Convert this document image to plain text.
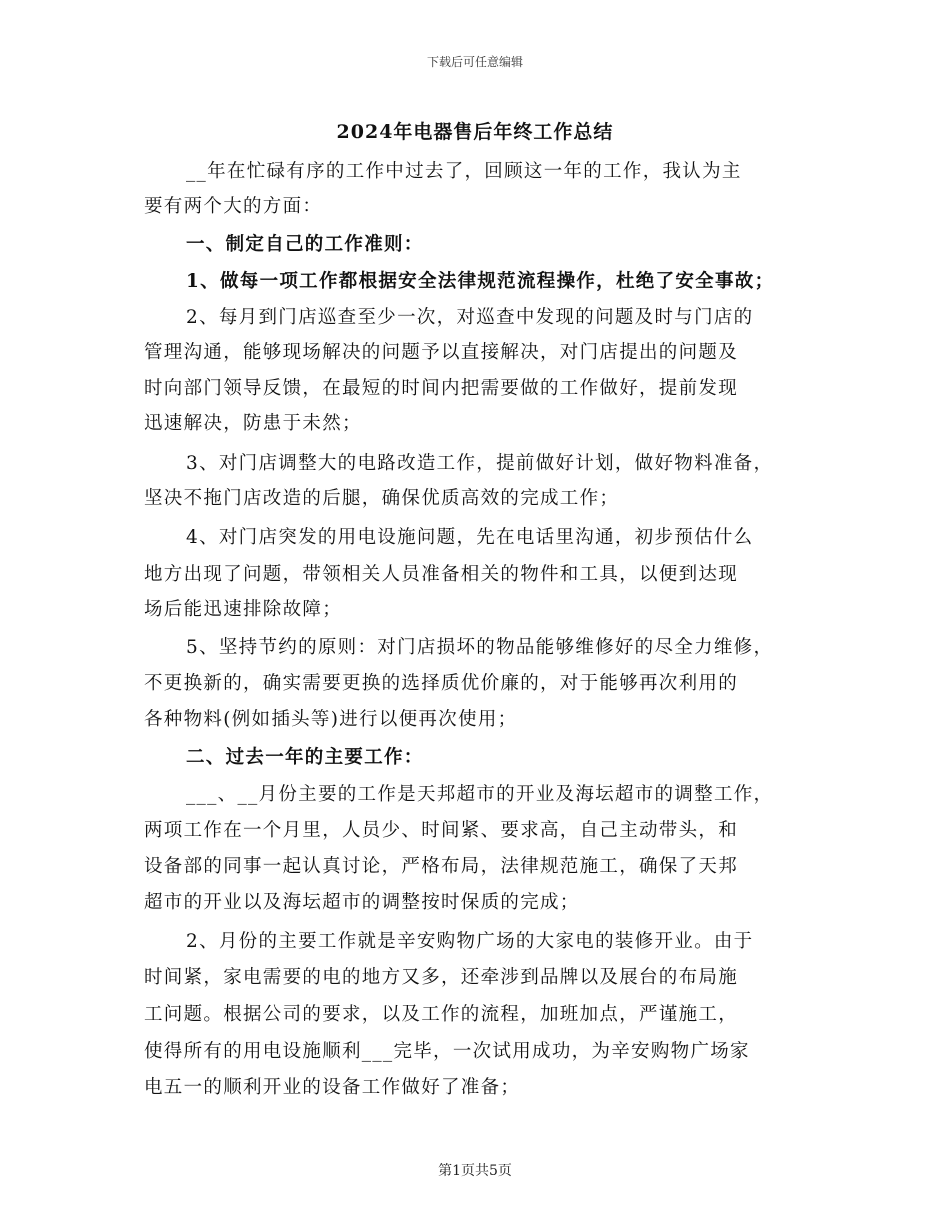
下载后可任意编辑
2024年电器售后年终工作总结
__年在忙碌有序的工作中过去了，回顾这一年的工作，我认为主
要有两个大的方面：
一、制定自己的工作准则：
1、做每一项工作都根据安全法律规范流程操作，杜绝了安全事故；
2、每月到门店巡查至少一次，对巡查中发现的问题及时与门店的
管理沟通，能够现场解决的问题予以直接解决，对门店提出的问题及
时向部门领导反馈，在最短的时间内把需要做的工作做好，提前发现
迅速解决，防患于未然；
3、对门店调整大的电路改造工作，提前做好计划，做好物料准备，
坚决不拖门店改造的后腿，确保优质高效的完成工作；
4、对门店突发的用电设施问题，先在电话里沟通，初步预估什么
地方出现了问题，带领相关人员准备相关的物件和工具，以便到达现
场后能迅速排除故障；
5、坚持节约的原则：对门店损坏的物品能够维修好的尽全力维修，
不更换新的，确实需要更换的选择质优价廉的，对于能够再次利用的
各种物料(例如插头等)进行以便再次使用；
二、过去一年的主要工作：
___、__月份主要的工作是天邦超市的开业及海坛超市的调整工作，
两项工作在一个月里，人员少、时间紧、要求高，自己主动带头，和
设备部的同事一起认真讨论，严格布局，法律规范施工，确保了天邦
超市的开业以及海坛超市的调整按时保质的完成；
2、月份的主要工作就是辛安购物广场的大家电的装修开业。由于
时间紧，家电需要的电的地方又多，还牵涉到品牌以及展台的布局施
工问题。根据公司的要求，以及工作的流程，加班加点，严谨施工，
使得所有的用电设施顺利___完毕，一次试用成功，为辛安购物广场家
电五一的顺利开业的设备工作做好了准备；
第1页共5页
